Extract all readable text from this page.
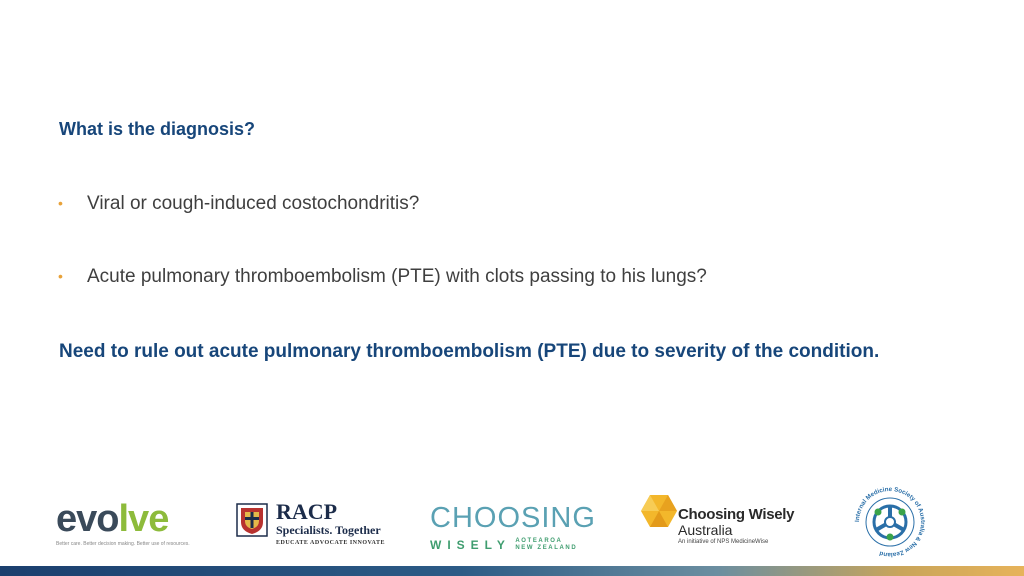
What is the diagnosis?
• Viral or cough-induced costochondritis?
• Acute pulmonary thromboembolism (PTE) with clots passing to his lungs?
Need to rule out acute pulmonary thromboembolism (PTE) due to severity of the condition.
evolve
Better care. Better decision making. Better use of resources.
RACP
Specialists. Together
EDUCATE ADVOCATE INNOVATE
CHOOSING
WISELY AOTEAROA
NEW ZEALAND
Choosing Wisely
Australia
An initiative of NPS MedicineWise
Internal Medicine Society of Australia & New Zealand
